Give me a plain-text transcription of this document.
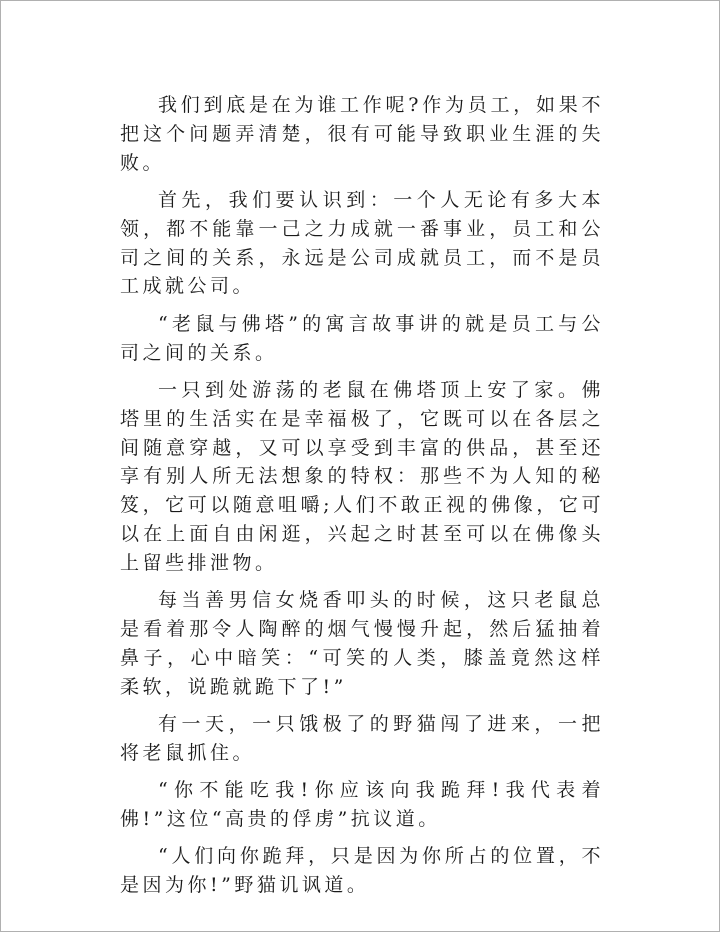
我们到底是在为谁工作呢?作为员工，如果不把这个问题弄清楚，很有可能导致职业生涯的失败。

首先，我们要认识到：一个人无论有多大本领，都不能靠一己之力成就一番事业，员工和公司之间的关系，永远是公司成就员工，而不是员工成就公司。

“老鼠与佛塔”的寓言故事讲的就是员工与公司之间的关系。

一只到处游荡的老鼠在佛塔顶上安了家。佛塔里的生活实在是幸福极了，它既可以在各层之间随意穿越，又可以享受到丰富的供品，甚至还享有别人所无法想象的特权：那些不为人知的秘笈，它可以随意咀嚼;人们不敢正视的佛像，它可以在上面自由闲逛，兴起之时甚至可以在佛像头上留些排泄物。

每当善男信女烧香叩头的时候，这只老鼠总是看着那令人陶醉的烟气慢慢升起，然后猛抽着鼻子，心中暗笑：“可笑的人类，膝盖竟然这样柔软，说跪就跪下了!”

有一天，一只饿极了的野猫闯了进来，一把将老鼠抓住。

“你不能吃我!你应该向我跪拜!我代表着佛!”这位“高贵的俘虏”抗议道。

“人们向你跪拜，只是因为你所占的位置，不是因为你!”野猫讥讽道。
